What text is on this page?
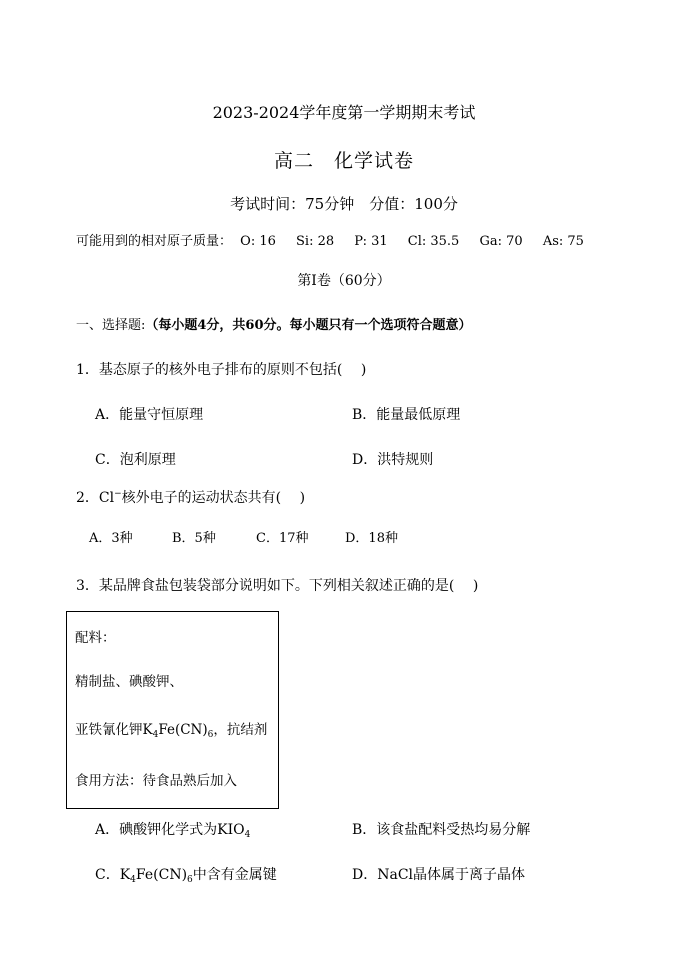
2023-2024学年度第一学期期末考试
高二　化学试卷
考试时间：75分钟　分值：100分
可能用到的相对原子质量： O: 16 Si: 28 P: 31 Cl: 35.5 Ga: 70 As: 75
第I卷（60分）
一、选择题:（每小题4分，共60分。每小题只有一个选项符合题意）
1．基态原子的核外电子排布的原则不包括(　 )
A．能量守恒原理	B．能量最低原理
C．泡利原理	D．洪特规则
2．Cl−核外电子的运动状态共有(　 )
A．3种	B．5种	C．17种	D．18种
3．某品牌食盐包装袋部分说明如下。下列相关叙述正确的是(　 )
配料：
精制盐、碘酸钾、
亚铁氰化钾$K_4Fe(CN)_6$，抗结剂
食用方法：待食品熟后加入
A．碘酸钾化学式为$KIO_4$	B．该食盐配料受热均易分解
C．$K_4Fe(CN)_6$中含有金属键	D．NaCl晶体属于离子晶体
